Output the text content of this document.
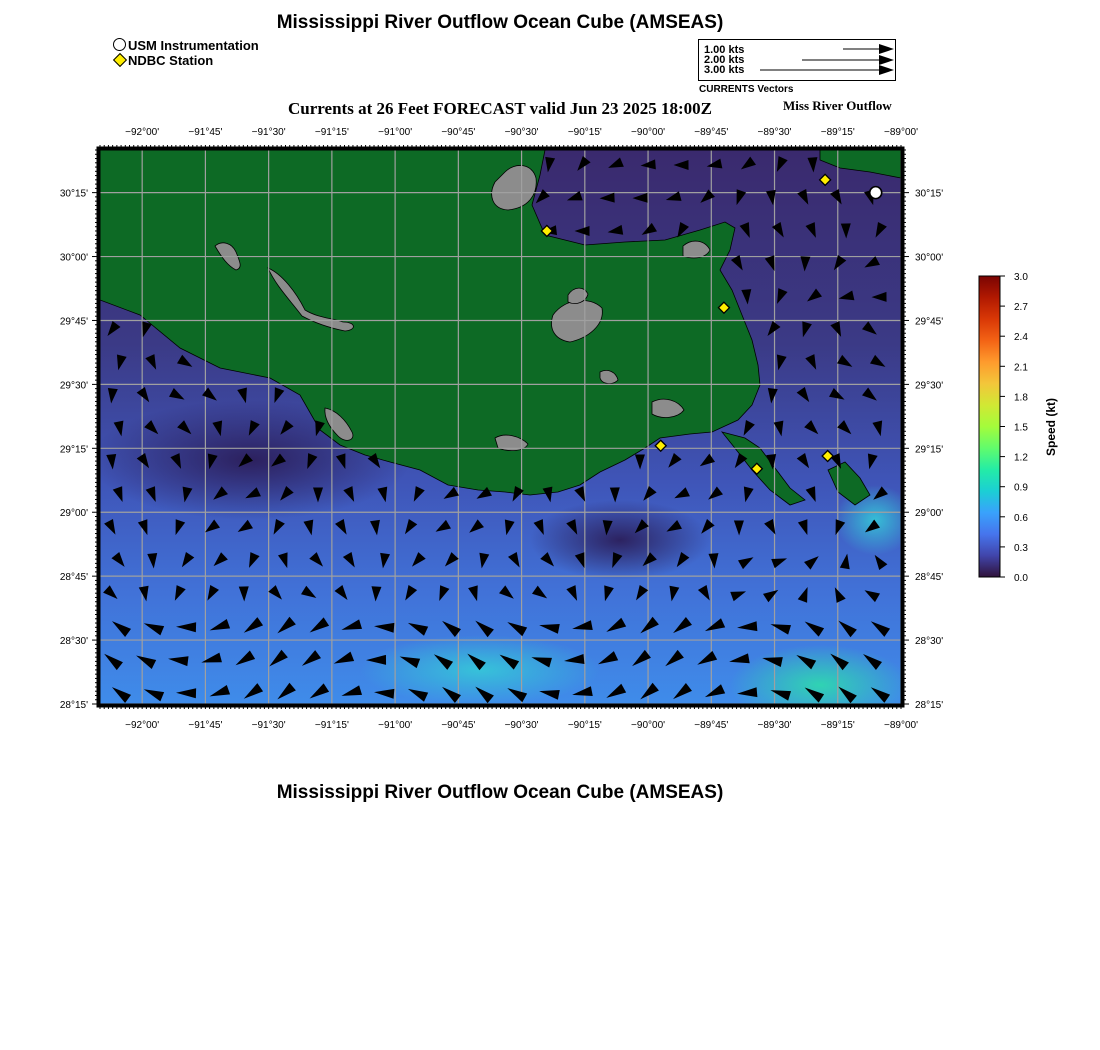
Mississippi River Outflow Ocean Cube (AMSEAS)
USM Instrumentation
NDBC Station
1.00 kts
2.00 kts
3.00 kts
CURRENTS Vectors
Currents at 26 Feet FORECAST valid Jun 23 2025 18:00Z	Miss River Outflow
−92°00'	−91°45'	−91°30'	−91°15'	−91°00'	−90°45'	−90°30'	−90°15'	−90°00'	−89°45'	−89°30'	−89°15'	−89°00'
−92°00'	−91°45'	−91°30'	−91°15'	−91°00'	−90°45'	−90°30'	−90°15'	−90°00'	−89°45'	−89°30'	−89°15'	−89°00'
30°15'
30°00'
29°45'
29°30'
29°15'
29°00'
28°45'
28°30'
28°15'
30°15'
30°00'
29°45'
29°30'
29°15'
29°00'
28°45'
28°30'
28°15'
3.0
2.7
2.4
2.1
1.8
1.5
1.2
0.9
0.6
0.3
0.0
Speed (kt)
Mississippi River Outflow Ocean Cube (AMSEAS)
